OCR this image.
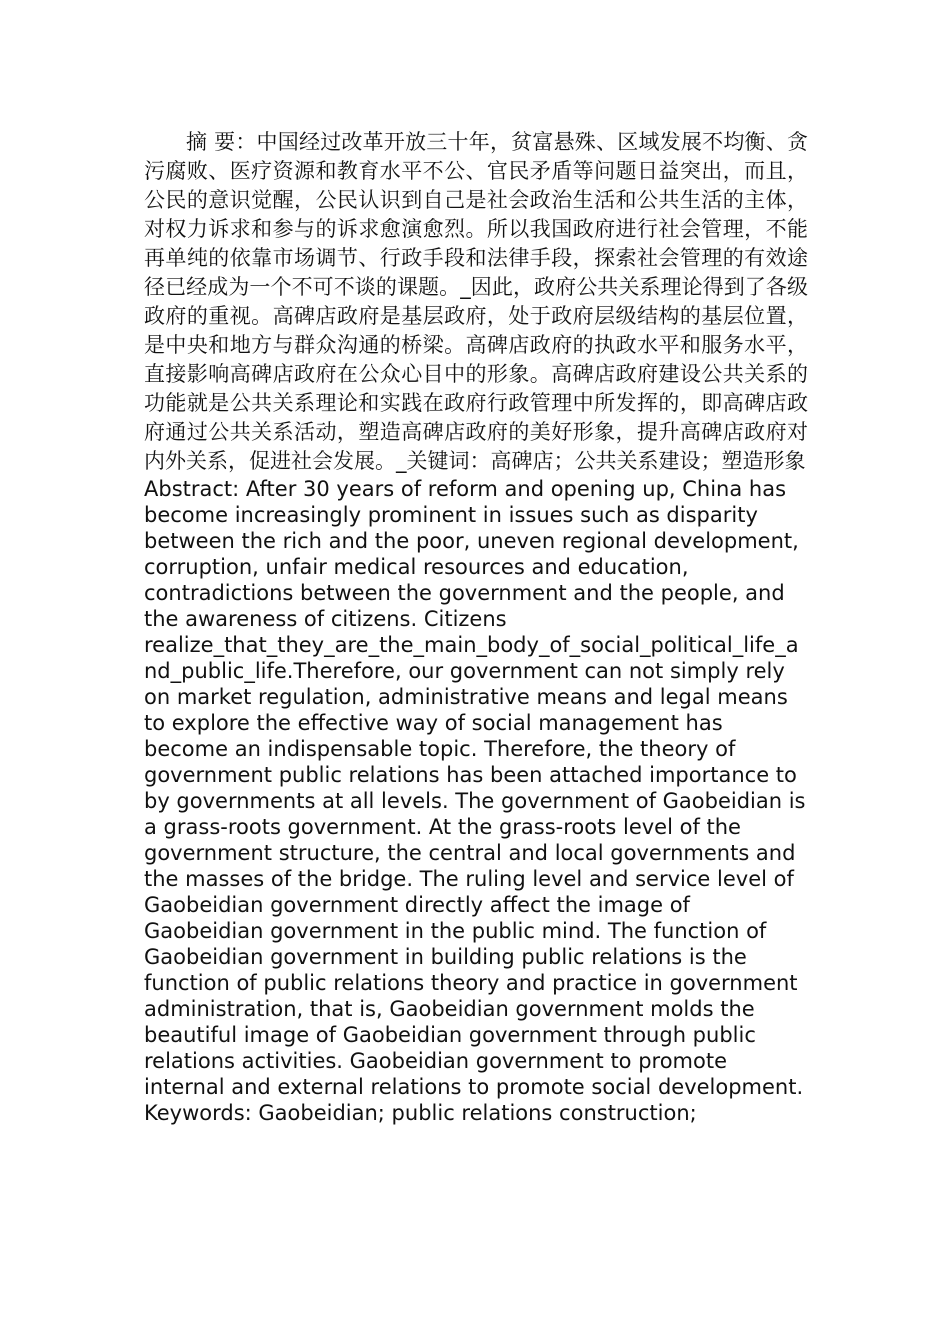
摘 要：中国经过改革开放三十年，贫富悬殊、区域发展不均衡、贪污腐败、医疗资源和教育水平不公、官民矛盾等问题日益突出，而且，公民的意识觉醒，公民认识到自己是社会政治生活和公共生活的主体，对权力诉求和参与的诉求愈演愈烈。所以我国政府进行社会管理，不能再单纯的依靠市场调节、行政手段和法律手段，探索社会管理的有效途径已经成为一个不可不谈的课题。_因此，政府公共关系理论得到了各级政府的重视。高碑店政府是基层政府，处于政府层级结构的基层位置，是中央和地方与群众沟通的桥梁。高碑店政府的执政水平和服务水平，直接影响高碑店政府在公众心目中的形象。高碑店政府建设公共关系的功能就是公共关系理论和实践在政府行政管理中所发挥的，即高碑店政府通过公共关系活动，塑造高碑店政府的美好形象，提升高碑店政府对内外关系，促进社会发展。_关键词：高碑店；公共关系建设；塑造形象

Abstract: After 30 years of reform and opening up, China has become increasingly prominent in issues such as disparity between the rich and the poor, uneven regional development, corruption, unfair medical resources and education, contradictions between the government and the people, and the awareness of citizens. Citizens realize_that_they_are_the_main_body_of_social_political_life_and_public_life.Therefore, our government can not simply rely on market regulation, administrative means and legal means to explore the effective way of social management has become an indispensable topic. Therefore, the theory of government public relations has been attached importance to by governments at all levels. The government of Gaobeidian is a grass-roots government. At the grass-roots level of the government structure, the central and local governments and the masses of the bridge. The ruling level and service level of Gaobeidian government directly affect the image of Gaobeidian government in the public mind. The function of Gaobeidian government in building public relations is the function of public relations theory and practice in government administration, that is, Gaobeidian government molds the beautiful image of Gaobeidian government through public relations activities. Gaobeidian government to promote internal and external relations to promote social development.

Keywords: Gaobeidian; public relations construction;
